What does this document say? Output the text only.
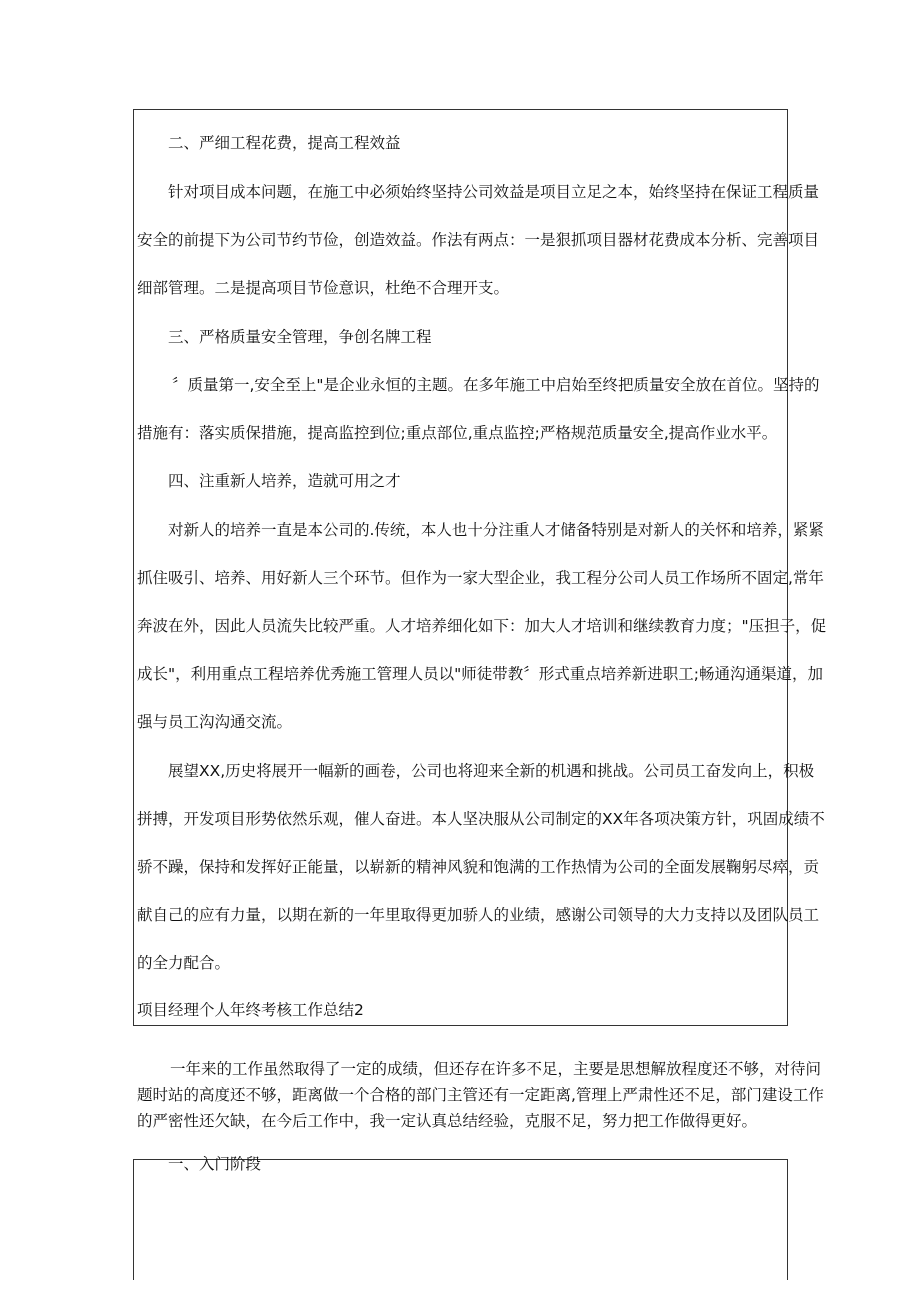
二、严细工程花费，提高工程效益
针对项目成本问题，在施工中必须始终坚持公司效益是项目立足之本，始终坚持在保证工程质量
安全的前提下为公司节约节俭，创造效益。作法有两点：一是狠抓项目器材花费成本分析、完善项目
细部管理。二是提高项目节俭意识，杜绝不合理开支。
三、严格质量安全管理，争创名牌工程
〞质量第一,安全至上"是企业永恒的主题。在多年施工中启始至终把质量安全放在首位。坚持的
措施有：落实质保措施，提高监控到位;重点部位,重点监控;严格规范质量安全,提高作业水平。
四、注重新人培养，造就可用之才
对新人的培养一直是本公司的.传统，本人也十分注重人才储备特别是对新人的关怀和培养，紧紧
抓住吸引、培养、用好新人三个环节。但作为一家大型企业，我工程分公司人员工作场所不固定,常年
奔波在外，因此人员流失比较严重。人才培养细化如下：加大人才培训和继续教育力度；"压担子，促
成长"，利用重点工程培养优秀施工管理人员以"师徒带教〞形式重点培养新进职工;畅通沟通渠道，加
强与员工沟沟通交流。
展望XX,历史将展开一幅新的画卷，公司也将迎来全新的机遇和挑战。公司员工奋发向上，积极
拼搏，开发项目形势依然乐观，催人奋进。本人坚决服从公司制定的XX年各项决策方针，巩固成绩不
骄不躁，保持和发挥好正能量，以崭新的精神风貌和饱满的工作热情为公司的全面发展鞠躬尽瘁，贡
献自己的应有力量，以期在新的一年里取得更加骄人的业绩，感谢公司领导的大力支持以及团队员工
的全力配合。
项目经理个人年终考核工作总结2
一年来的工作虽然取得了一定的成绩，但还存在许多不足，主要是思想解放程度还不够，对待问
题时站的高度还不够，距离做一个合格的部门主管还有一定距离,管理上严肃性还不足，部门建设工作
的严密性还欠缺，在今后工作中，我一定认真总结经验，克服不足，努力把工作做得更好。
一、入门阶段
